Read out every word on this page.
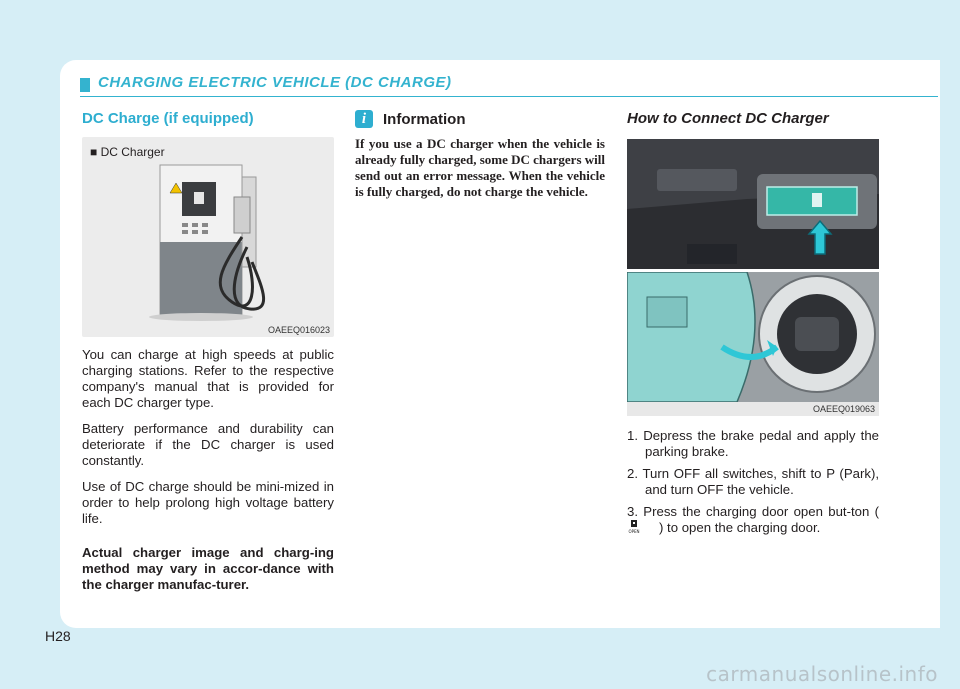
CHARGING ELECTRIC VEHICLE (DC CHARGE)
DC Charge (if equipped)
■ DC Charger
OAEEQ016023

You can charge at high speeds at public charging stations. Refer to the respective company's manual that is provided for each DC charger type.

Battery performance and durability can deteriorate if the DC charger is used constantly.

Use of DC charge should be mini-mized in order to help prolong high voltage battery life.

Actual charger image and charg-ing method may vary in accor-dance with the charger manufac-turer.

i	Information

If you use a DC charger when the vehicle is already fully charged, some DC chargers will send out an error message. When the vehicle is fully charged, do not charge the vehicle.

How to Connect DC Charger
OAEEQ019063
1. Depress the brake pedal and apply the parking brake.
2. Turn OFF all switches, shift to P (Park), and turn OFF the vehicle.
3. Press the charging door open but-ton (
OPEN ) to open the charging door.
H28
carmanualsonline.info
